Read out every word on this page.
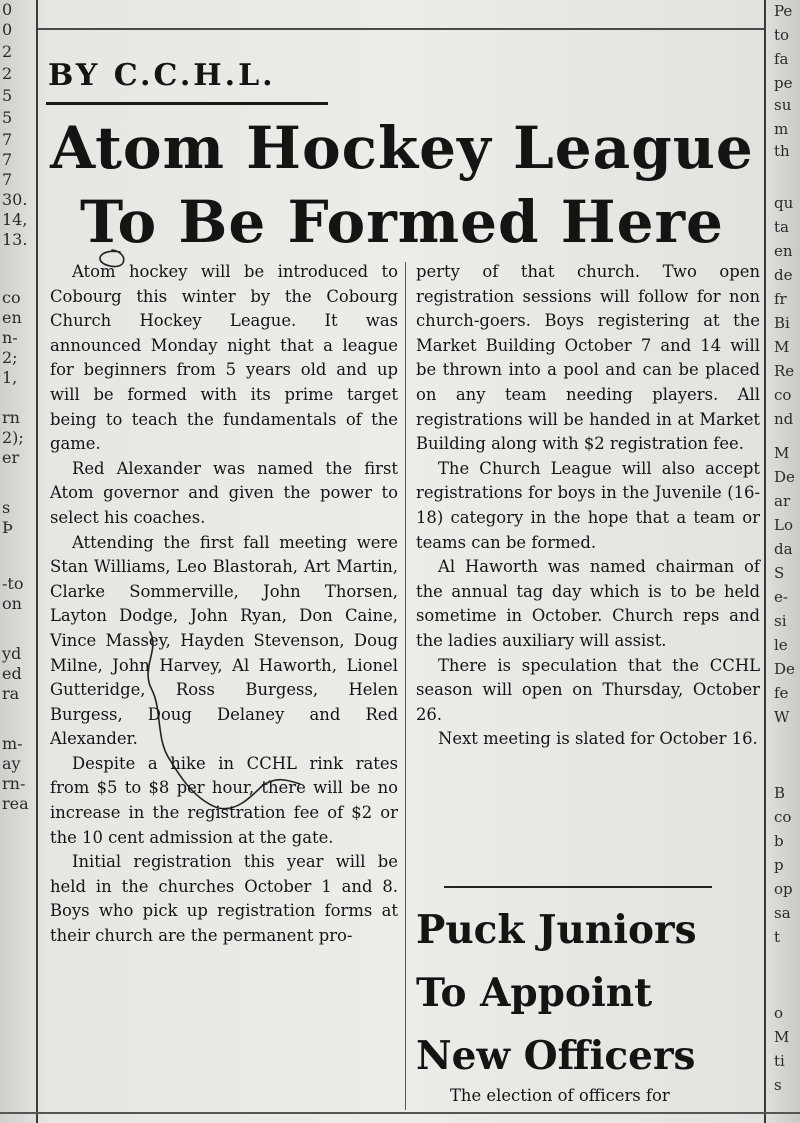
0
0
2
2
5
5
7
7
7
30.
14,
13.
co
en
n-
2;
1,
rn
2);
er
s
Þ
-to
on
yd
ed
ra
m-
ay
rn-
rea
Pe
to
fa
pe
su
m
th
qu
ta
en
de
fr
Bi
M
Re
co
nd
M
De
ar
Lo
da
S
e-
si
le
De
fe
W
B
co
b
p
op
sa
t
o
M
ti
s
BY C.C.H.L.
Atom Hockey League
To Be Formed Here

Atom hockey will be introduced to Cobourg this winter by the Cobourg Church Hockey League. It was announced Monday night that a league for beginners from 5 years old and up will be formed with its prime target being to teach the fundamentals of the game.

Red Alexander was named the first Atom governor and given the power to select his coaches.

Attending the first fall meeting were Stan Williams, Leo Blastorah, Art Martin, Clarke Sommerville, John Thorsen, Layton Dodge, John Ryan, Don Caine, Vince Massey, Hayden Stevenson, Doug Milne, John Harvey, Al Haworth, Lionel Gutteridge, Ross Burgess, Helen Burgess, Doug Delaney and Red Alexander.

Despite a hike in CCHL rink rates from $5 to $8 per hour, there will be no increase in the registration fee of $2 or the 10 cent admission at the gate.

Initial registration this year will be held in the churches October 1 and 8. Boys who pick up registration forms at their church are the permanent pro-

perty of that church. Two open registration sessions will follow for non church-goers. Boys registering at the Market Building October 7 and 14 will be thrown into a pool and can be placed on any team needing players. All registrations will be handed in at Market Building along with $2 registration fee.

The Church League will also accept registrations for boys in the Juvenile (16-18) category in the hope that a team or teams can be formed.

Al Haworth was named chairman of the annual tag day which is to be held sometime in October. Church reps and the ladies auxiliary will assist.

There is speculation that the CCHL season will open on Thursday, October 26.

Next meeting is slated for October 16.

Puck Juniors
To Appoint
New Officers
The election of officers for
